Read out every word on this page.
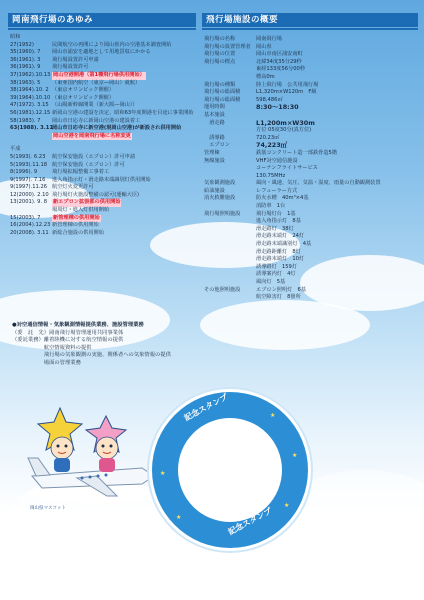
岡南飛行場のあゆみ
昭和
27(1952)	民間航空の再開により岡山県内の空港基本調査開始
35(1960). 7	岡山市浦安を適地として用地買収にかかる
36(1961). 3	飛行場設置許可申請
36(1961). 9	飛行場設置許可
37(1962).10.13 岡山空港開港（第1種飛行場供用開始）
38(1963). 5	（東亜国内航空（東京―岡山）就航）
38(1964).10. 2 （東京オリンピック開催）
39(1964).10.10 （東京オリンピック開催）
47(1972). 3.15 （山陽新幹線開業（新大阪―岡山））
56(1981).12.15 新岡山空港の建設を決定、昭和63年度開港を目途に事業開始
58(1983). 7	岡山市日応寺に新岡山空港の建設着工
63(1988). 3.11 岡山市日応寺に新空港(現岡山空港)が新設され供用開始
岡山空港を岡南飛行場に名称変更
平成
5(1993). 6.23	航空保安施設（エプロン）許可申請
5(1993).11.18 航空保安施設（エプロン）許可
8(1996). 9	飛行場拡幅整備工事着工
9(1997). 7.16	進入角指示灯・滑走路末端識別灯供用開始
9(1997).11.26 航空灯火変更許可
12(2000). 2.10 飛行場灯火施設整備の認可(運輸大臣)
13(2001). 9. 8	新エプロン拡張部の供用開始
場周灯・進入灯供用開始
15(2003). 7	新管理棟の供用開始
16(2004).12.23 新管理棟の供用開始
20(2008). 3.11 新総合施設の供用開始
飛行場施設の概要
飛行場の名称	岡南飛行場
飛行場の設置管理者	岡山県
飛行場の位置	岡山市南区浦安南町
飛行場の標点	北緯34度35分29秒
東経133度56分00秒
標高0m
飛行場の種類	陸上飛行場　公共用飛行場
飛行場の総面積	L1,320m×W120m　F級
飛行場の総面積	598,486㎡
運用時間	8:30～18:30
基本施設
　滑走路	L1,200m×W30m
方位 05度30分(真方位)
　誘導路	720.23㎡
　エプロン	74,223㎡
管理棟	鉄筋コンクリート造一部鉄骨造5階
無線施設	VHF対空通信施設
コーナンフライトサービス
130.75MHz
気象観測施設	風向・風速、気圧、気温・湿度、雨量の自動観測装置
給油施設	レフューラー方式
消火救難施設	防火水槽　40m³×4基
消防車　1台
飛行場照明施設	飛行場灯台　1基
進入角指示灯　8基
滑走路灯　38灯
滑走路末端灯　24灯
滑走路末端識別灯　4基
滑走路距離灯　8灯
滑走路末端灯　10灯
誘導路灯　159灯
誘導案内灯　4灯
風向灯　5基
その他照明施設	エプロン照明灯　6基
航空障害灯　8箇所
●対空通信情報・気象観測情報提供業務、施設管理業務
（委　託　先）岡南飛行場管理運用共同事業体
（委託業務）離着陸機に対する航空情報の提供
　　　　　　航空情報資料の提供
　　　　　　飛行場の気象観測の実施、関係者への気象情報の提供
　　　　　　場面の管理業務
岡山県マスコット
記念スタンプ
記念スタンプ
★
★
★
★
★
